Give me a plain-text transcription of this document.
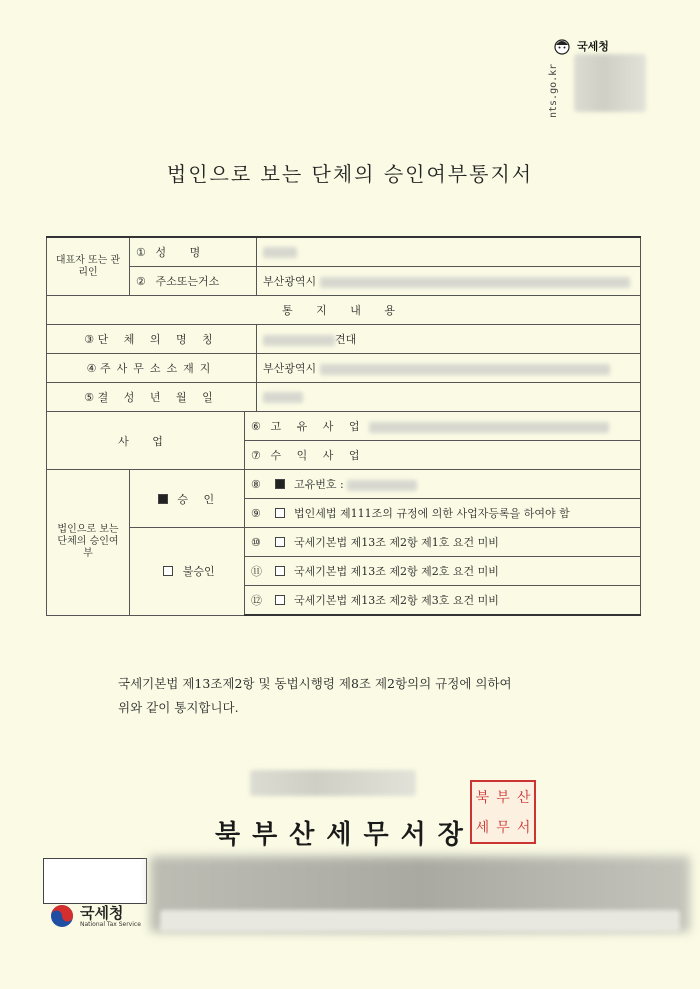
국세청
nts.go.kr
법인으로 보는 단체의 승인여부통지서
대표자 또는 관리인	① 성 명		
	② 주소또는거소		부산광역시
통 지 내 용			
③ 단 체 의 명 칭			견대
④ 주사무소소재지			부산광역시
⑤ 결 성 년 월 일			
사 업		⑥ 고 유 사 업	
		⑦ 수 익 사 업	
법인으로 보는 단체의 승인여부	승 인	⑧ 고유번호 :	
		⑨ 법인세법 제111조의 규정에 의한 사업자등록을 하여야 함	
	불승인	⑩ 국세기본법 제13조 제2항 제1호 요건 미비	
		⑪ 국세기본법 제13조 제2항 제2호 요건 미비	
		⑫ 국세기본법 제13조 제2항 제3호 요건 미비	
국세기본법 제13조제2항 및 동법시행령 제8조 제2항의의 규정에 의하여
위와 같이 통지합니다.
북부산세무서장
북 부 산
세 무 서
국세청
National Tax Service
